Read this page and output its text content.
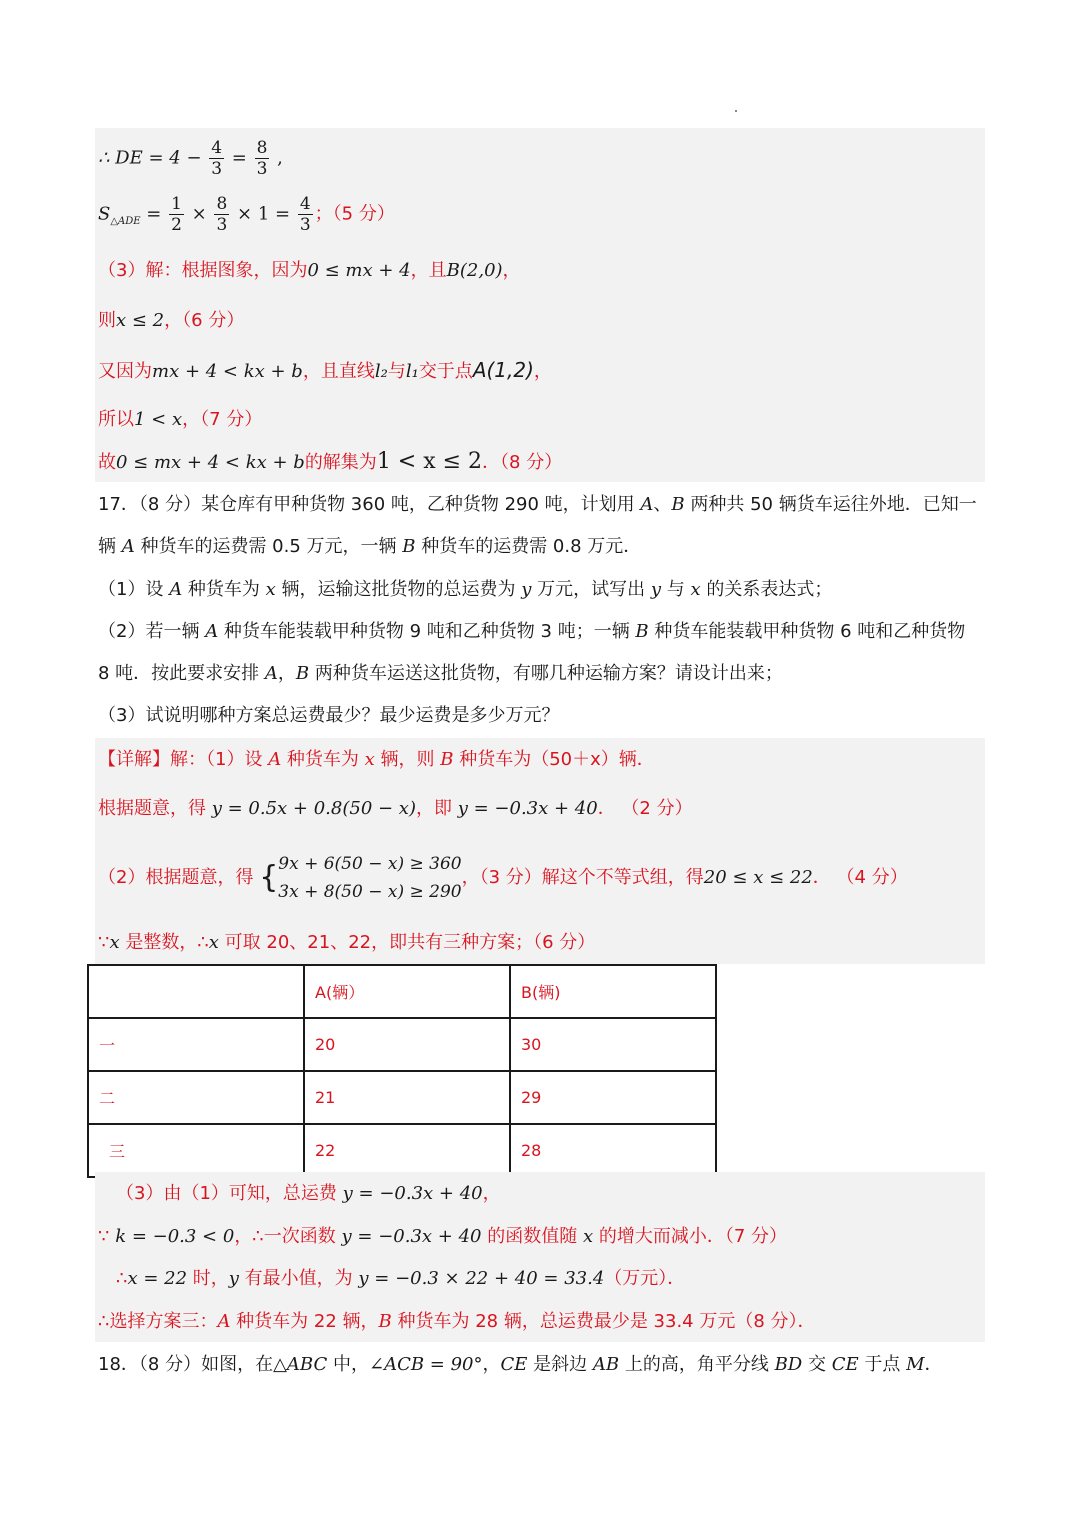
∴ DE = $4 - \frac{4}{3} = \frac{8}{3}$ ,
$S_{\triangle ADE} = \frac{1}{2} \times \frac{8}{3} \times 1 = \frac{4}{3}$ ；（5 分）
（3）解：根据图象，因为0 ≤ mx + 4，且B(2,0)，
则x ≤ 2，（6 分）
又因为mx + 4 < kx + b，且直线l₂与l₁交于点A(1,2)，
所以1 < x，（7 分）
故0 ≤ mx + 4 < kx + b的解集为1 < x ≤ 2．（8 分）
17．（8 分）某仓库有甲种货物 360 吨，乙种货物 290 吨，计划用 A、B 两种共 50 辆货车运往外地．已知一
辆 A 种货车的运费需 0.5 万元，一辆 B 种货车的运费需 0.8 万元．
（1）设 A 种货车为 x 辆，运输这批货物的总运费为 y 万元，试写出 y 与 x 的关系表达式；
（2）若一辆 A 种货车能装载甲种货物 9 吨和乙种货物 3 吨；一辆 B 种货车能装载甲种货物 6 吨和乙种货物
8 吨．按此要求安排 A，B 两种货车运送这批货物，有哪几种运输方案？请设计出来；
（3）试说明哪种方案总运费最少？最少运费是多少万元？
【详解】解：（1）设 A 种货车为 x 辆，则 B 种货车为（50＋x）辆．
根据题意，得 y = 0.5x + 0.8(50 − x)，即 y = −0.3x + 40． （2 分）
（2）根据题意，得 { 9x + 6(50 − x) ≥ 360
3x + 8(50 − x) ≥ 290
，（3 分）解这个不等式组，得20 ≤ x ≤ 22． （4 分）
∵x 是整数，∴x 可取 20、21、22，即共有三种方案；（6 分）
	A(辆）	B(辆)
一	20	30
二	21	29
三	22	28
（3）由（1）可知，总运费 y = −0.3x + 40，
∵ k = −0.3 < 0，∴一次函数 y = −0.3x + 40 的函数值随 x 的增大而减小．（7 分）
∴x = 22 时，y 有最小值，为 y = −0.3 × 22 + 40 = 33.4（万元）．
∴选择方案三：A 种货车为 22 辆，B 种货车为 28 辆，总运费最少是 33.4 万元（8 分）．
18．（8 分）如图，在△ABC 中，∠ACB = 90°，CE 是斜边 AB 上的高，角平分线 BD 交 CE 于点 M．
